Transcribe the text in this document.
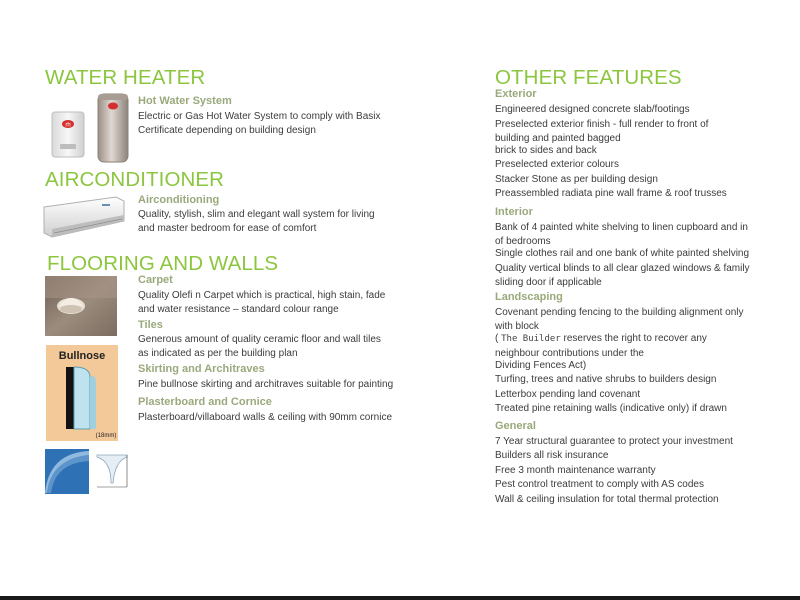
WATER HEATER
rh
Hot Water System

Electric or Gas Hot Water System to comply with Basix Certificate depending on building design

AIRCONDITIONER
Airconditioning

Quality, stylish, slim and elegant wall system for living and master bedroom for ease of comfort

FLOORING AND WALLS
Bullnose
(18mm)
Carpet

Quality Olefi n Carpet which is practical, high stain, fade and water resistance – standard colour range

Tiles

Generous amount of quality ceramic floor and wall tiles as indicated as per the building plan

Skirting and Architraves

Pine bullnose skirting and architraves suitable for painting

Plasterboard and Cornice

Plasterboard/villaboard walls & ceiling with 90mm cornice

OTHER FEATURES
Exterior

Engineered designed concrete slab/footings

Preselected exterior finish - full render to front of building and painted bagged

brick to sides and back

Preselected exterior colours

Stacker Stone as per building design

Preassembled radiata pine wall frame & roof trusses

Interior

Bank of 4 painted white shelving to linen cupboard and in of bedrooms

Single clothes rail and one bank of white painted shelving

Quality vertical blinds to all clear glazed windows & family sliding door if applicable

Landscaping

Covenant pending fencing to the building alignment only with block

( The Builder reserves the right to recover any neighbour contributions under the

Dividing Fences Act)

Turfing, trees and native shrubs to builders design

Letterbox pending land covenant

Treated pine retaining walls (indicative only) if drawn

General

7 Year structural guarantee to protect your investment

Builders all risk insurance

Free 3 month maintenance warranty

Pest control treatment to comply with AS codes

Wall & ceiling insulation for total thermal protection
